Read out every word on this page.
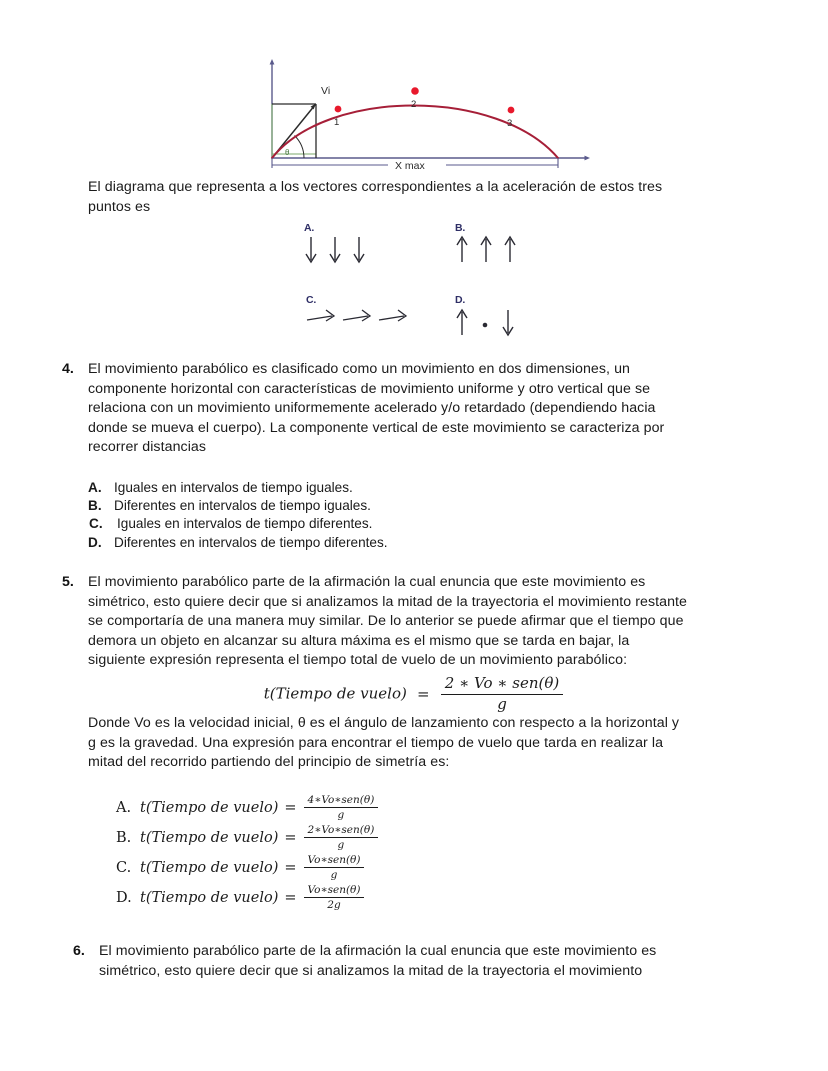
Vi
θ
1
2
3
X max
El diagrama que representa a los vectores correspondientes a la aceleración de estos tres
puntos es
A.	B.
C.	D.
4. El movimiento parabólico es clasificado como un movimiento en dos dimensiones, un
componente horizontal con características de movimiento uniforme y otro vertical que se
relaciona con un movimiento uniformemente acelerado y/o retardado (dependiendo hacia
donde se mueva el cuerpo). La componente vertical de este movimiento se caracteriza por
recorrer distancias
A. Iguales en intervalos de tiempo iguales.
B. Diferentes en intervalos de tiempo iguales.
C.	Iguales en intervalos de tiempo diferentes.
D. Diferentes en intervalos de tiempo diferentes.
5. El movimiento parabólico parte de la afirmación la cual enuncia que este movimiento es
simétrico, esto quiere decir que si analizamos la mitad de la trayectoria el movimiento restante
se comportaría de una manera muy similar. De lo anterior se puede afirmar que el tiempo que
demora un objeto en alcanzar su altura máxima es el mismo que se tarda en bajar, la
siguiente expresión representa el tiempo total de vuelo de un movimiento parabólico:
t(Tiempo de vuelo) = $\frac{\text{2 ∗ Vo ∗ sen(θ)}}{g}$
Donde Vo es la velocidad inicial, θ es el ángulo de lanzamiento con respecto a la horizontal y
g es la gravedad. Una expresión para encontrar el tiempo de vuelo que tarda en realizar la
mitad del recorrido partiendo del principio de simetría es:
A. t(Tiempo de vuelo) = $\frac{\text{4∗Vo∗sen(θ)}}{g}$
B. t(Tiempo de vuelo) = $\frac{\text{2∗Vo∗sen(θ)}}{g}$
C. t(Tiempo de vuelo) = $\frac{\text{Vo∗sen(θ)}}{g}$
D. t(Tiempo de vuelo) = $\frac{\text{Vo∗sen(θ)}}{2g}$
6. El movimiento parabólico parte de la afirmación la cual enuncia que este movimiento es
simétrico, esto quiere decir que si analizamos la mitad de la trayectoria el movimiento
